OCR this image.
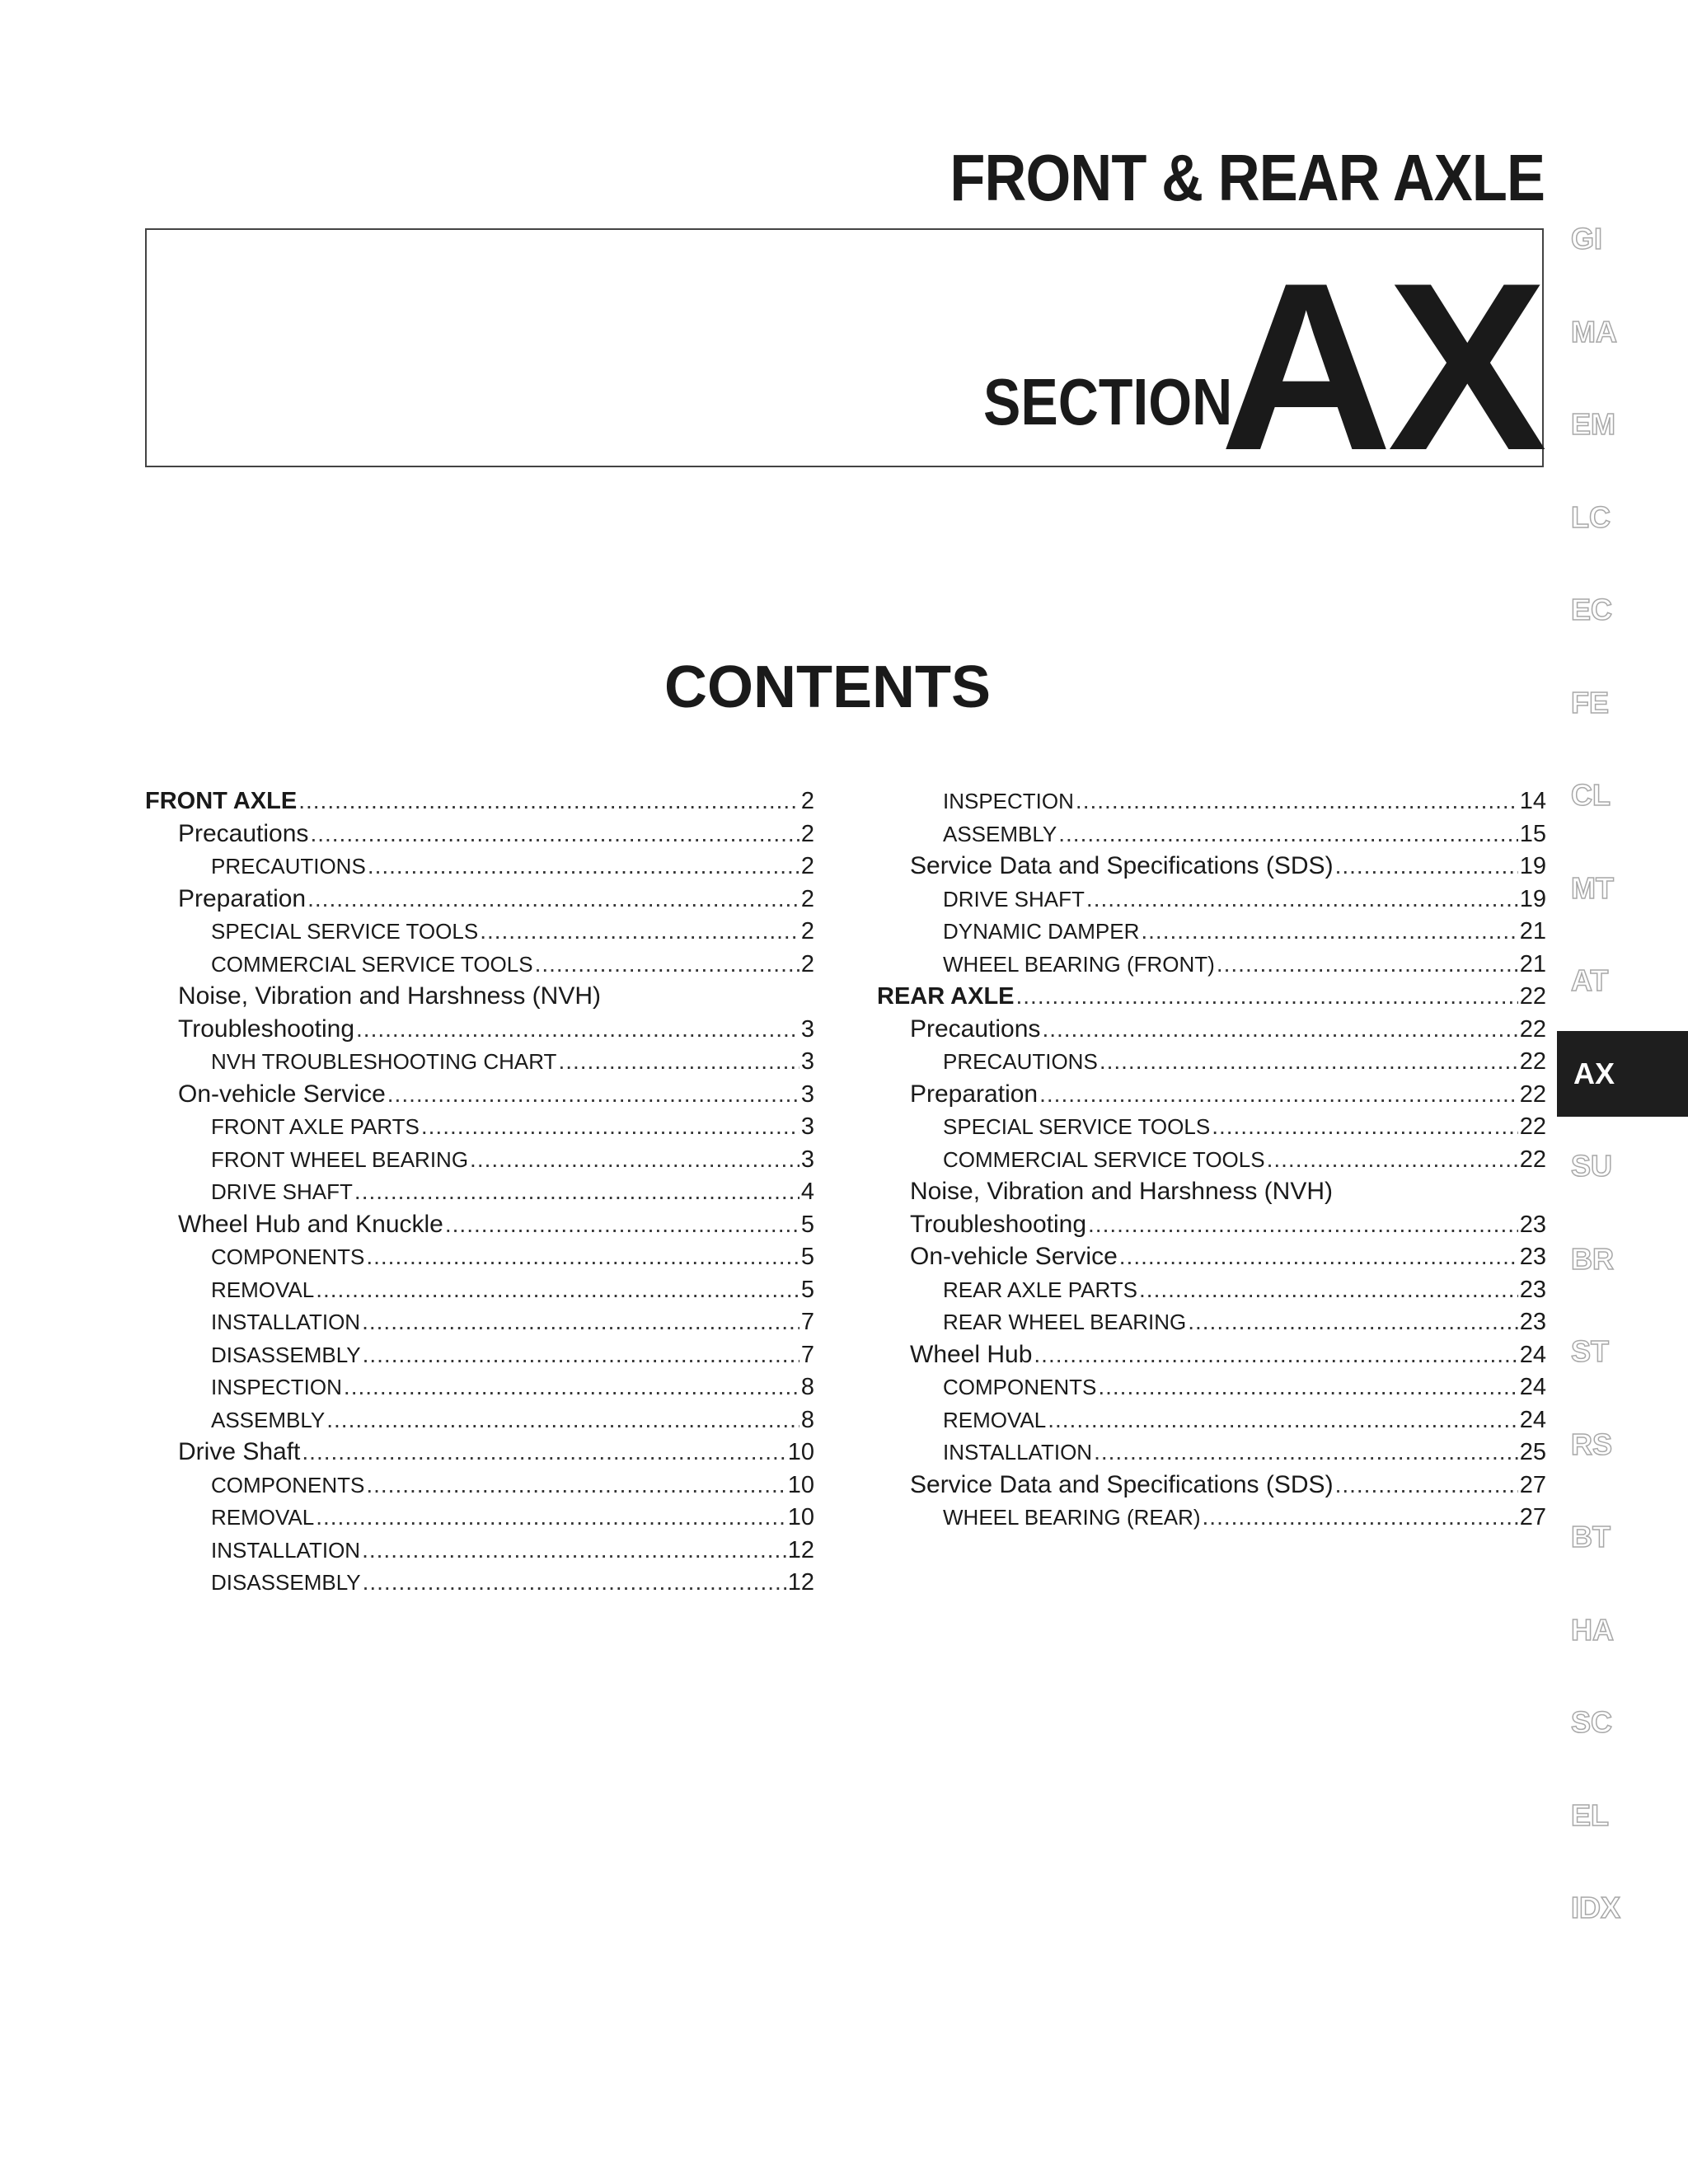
FRONT & REAR AXLE
SECTION
AX
CONTENTS
FRONT AXLE .....	2
Precautions .....	2
PRECAUTIONS .....	2
Preparation .....	2
SPECIAL SERVICE TOOLS .....	2
COMMERCIAL SERVICE TOOLS .....	2
Noise, Vibration and Harshness (NVH)
Troubleshooting .....	3
NVH TROUBLESHOOTING CHART .....	3
On-vehicle Service .....	3
FRONT AXLE PARTS .....	3
FRONT WHEEL BEARING .....	3
DRIVE SHAFT .....	4
Wheel Hub and Knuckle .....	5
COMPONENTS .....	5
REMOVAL .....	5
INSTALLATION .....	7
DISASSEMBLY .....	7
INSPECTION .....	8
ASSEMBLY .....	8
Drive Shaft .....	10
COMPONENTS .....	10
REMOVAL .....	10
INSTALLATION .....	12
DISASSEMBLY .....	12
INSPECTION .....	14
ASSEMBLY .....	15
Service Data and Specifications (SDS) .....	19
DRIVE SHAFT .....	19
DYNAMIC DAMPER .....	21
WHEEL BEARING (FRONT) .....	21
REAR AXLE .....	22
Precautions .....	22
PRECAUTIONS .....	22
Preparation .....	22
SPECIAL SERVICE TOOLS .....	22
COMMERCIAL SERVICE TOOLS .....	22
Noise, Vibration and Harshness (NVH)
Troubleshooting .....	23
On-vehicle Service .....	23
REAR AXLE PARTS .....	23
REAR WHEEL BEARING .....	23
Wheel Hub .....	24
COMPONENTS .....	24
REMOVAL .....	24
INSTALLATION .....	25
Service Data and Specifications (SDS) .....	27
WHEEL BEARING (REAR) .....	27
GI
MA
EM
LC
EC
FE
CL
MT
AT
AX
SU
BR
ST
RS
BT
HA
SC
EL
IDX
